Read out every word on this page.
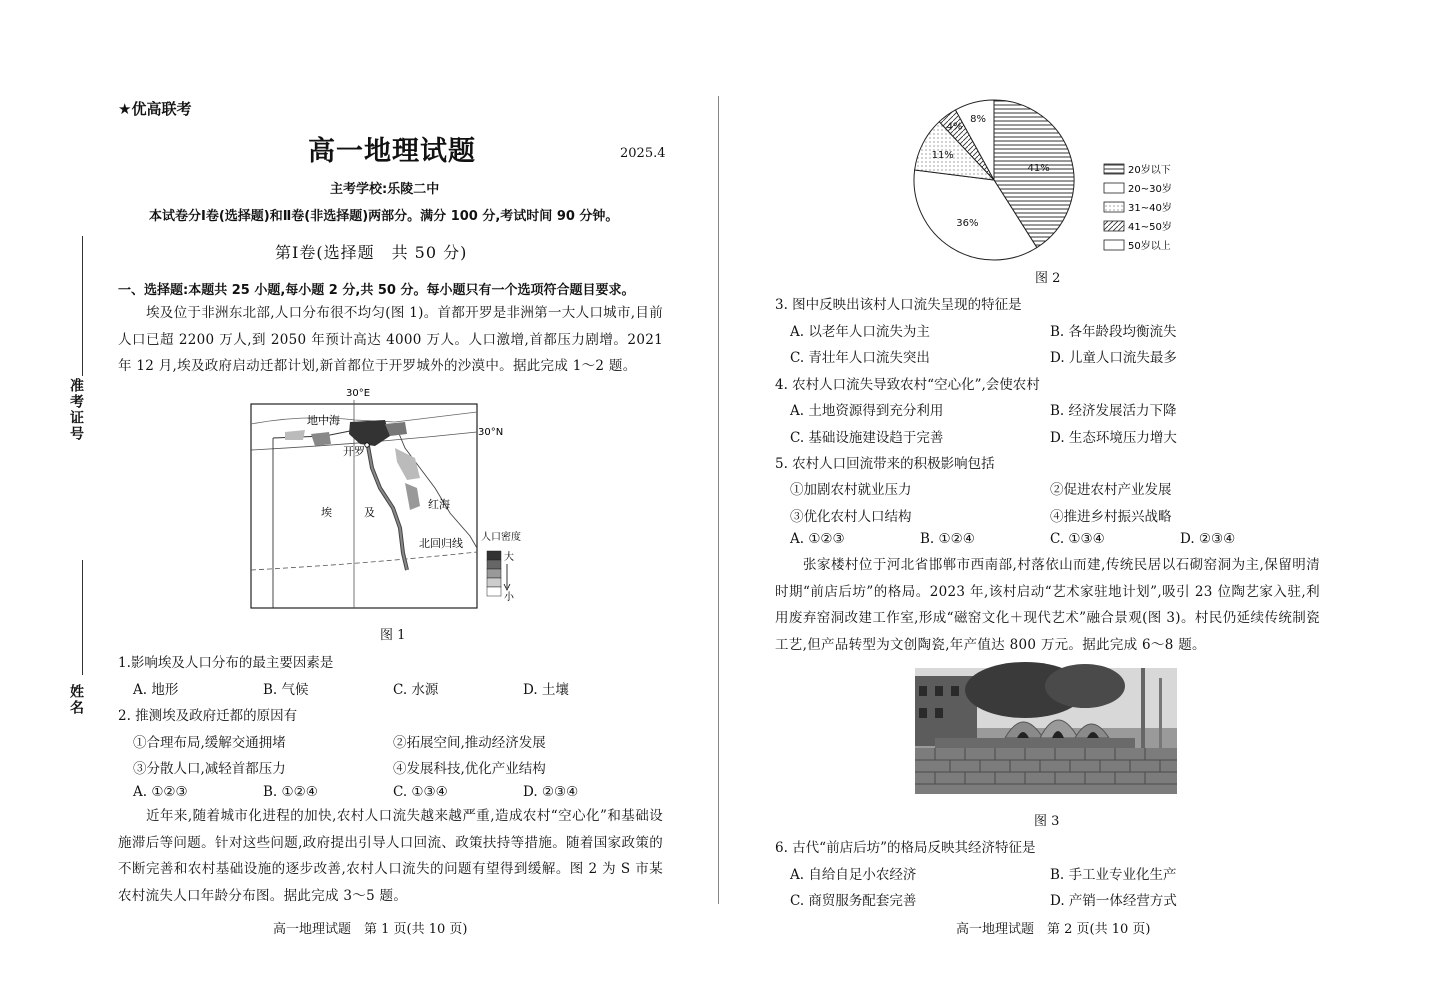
准考证号
姓名
★优高联考
高一地理试题	2025.4
主考学校:乐陵二中
本试卷分Ⅰ卷(选择题)和Ⅱ卷(非选择题)两部分。满分 100 分,考试时间 90 分钟。
第Ⅰ卷(选择题　共 50 分)
一、选择题:本题共 25 小题,每小题 2 分,共 50 分。每小题只有一个选项符合题目要求。
埃及位于非洲东北部,人口分布很不均匀(图 1)。首都开罗是非洲第一大人口城市,目前人口已超 2200 万人,到 2050 年预计高达 4000 万人。人口激增,首都压力剧增。2021 年 12 月,埃及政府启动迁都计划,新首都位于开罗城外的沙漠中。据此完成 1～2 题。
30°E
30°N
地中海
开罗
埃	及
红海
北回归线 人口密度
大
小
图 1
1.影响埃及人口分布的最主要因素是
A. 地形	B. 气候	C. 水源	D. 土壤
2. 推测埃及政府迁都的原因有
①合理布局,缓解交通拥堵	②拓展空间,推动经济发展
③分散人口,减轻首都压力	④发展科技,优化产业结构
A. ①②③	B. ①②④	C. ①③④	D. ②③④
近年来,随着城市化进程的加快,农村人口流失越来越严重,造成农村“空心化”和基础设施滞后等问题。针对这些问题,政府提出引导人口回流、政策扶持等措施。随着国家政策的不断完善和农村基础设施的逐步改善,农村人口流失的问题有望得到缓解。图 2 为 S 市某农村流失人口年龄分布图。据此完成 3～5 题。
高一地理试题　第 1 页(共 10 页)
41%
36%
11%
4%
8%
20岁以下
20~30岁
31~40岁
41~50岁
50岁以上
图 2
3. 图中反映出该村人口流失呈现的特征是
A. 以老年人口流失为主	B. 各年龄段均衡流失
C. 青壮年人口流失突出	D. 儿童人口流失最多
4. 农村人口流失导致农村“空心化”,会使农村
A. 土地资源得到充分利用	B. 经济发展活力下降
C. 基础设施建设趋于完善	D. 生态环境压力增大
5. 农村人口回流带来的积极影响包括
①加剧农村就业压力	②促进农村产业发展
③优化农村人口结构	④推进乡村振兴战略
A. ①②③	B. ①②④	C. ①③④	D. ②③④
张家楼村位于河北省邯郸市西南部,村落依山而建,传统民居以石砌窑洞为主,保留明清时期“前店后坊”的格局。2023 年,该村启动“艺术家驻地计划”,吸引 23 位陶艺家入驻,利用废弃窑洞改建工作室,形成“磁窑文化＋现代艺术”融合景观(图 3)。村民仍延续传统制瓷工艺,但产品转型为文创陶瓷,年产值达 800 万元。据此完成 6～8 题。
图 3
6. 古代“前店后坊”的格局反映其经济特征是
A. 自给自足小农经济	B. 手工业专业化生产
C. 商贸服务配套完善	D. 产销一体经营方式
高一地理试题　第 2 页(共 10 页)
